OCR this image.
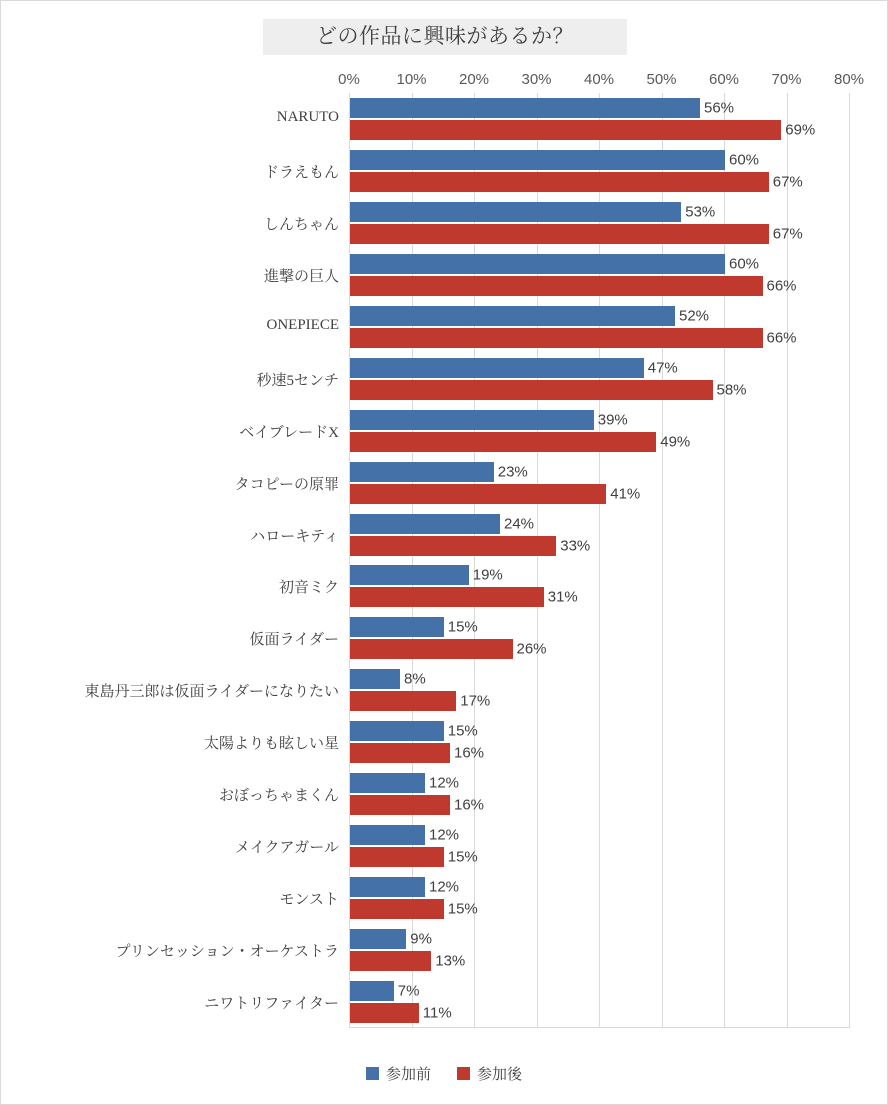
どの作品に興味があるか？
0% 10% 20% 30% 40% 50% 60% 70% 80%
NARUTO
56%
69%
ドラえもん
60%
67%
しんちゃん
53%
67%
進撃の巨人
60%
66%
ONEPIECE
52%
66%
秒速5センチ
47%
58%
ベイブレードX
39%
49%
タコピーの原罪
23%
41%
ハローキティ
24%
33%
初音ミク
19%
31%
仮面ライダー
15%
26%
東島丹三郎は仮面ライダーになりたい
8%
17%
太陽よりも眩しい星
15%
16%
おぼっちゃまくん
12%
16%
メイクアガール
12%
15%
モンスト
12%
15%
プリンセッション・オーケストラ
9%
13%
ニワトリファイター
7%
11%
参加前	参加後
